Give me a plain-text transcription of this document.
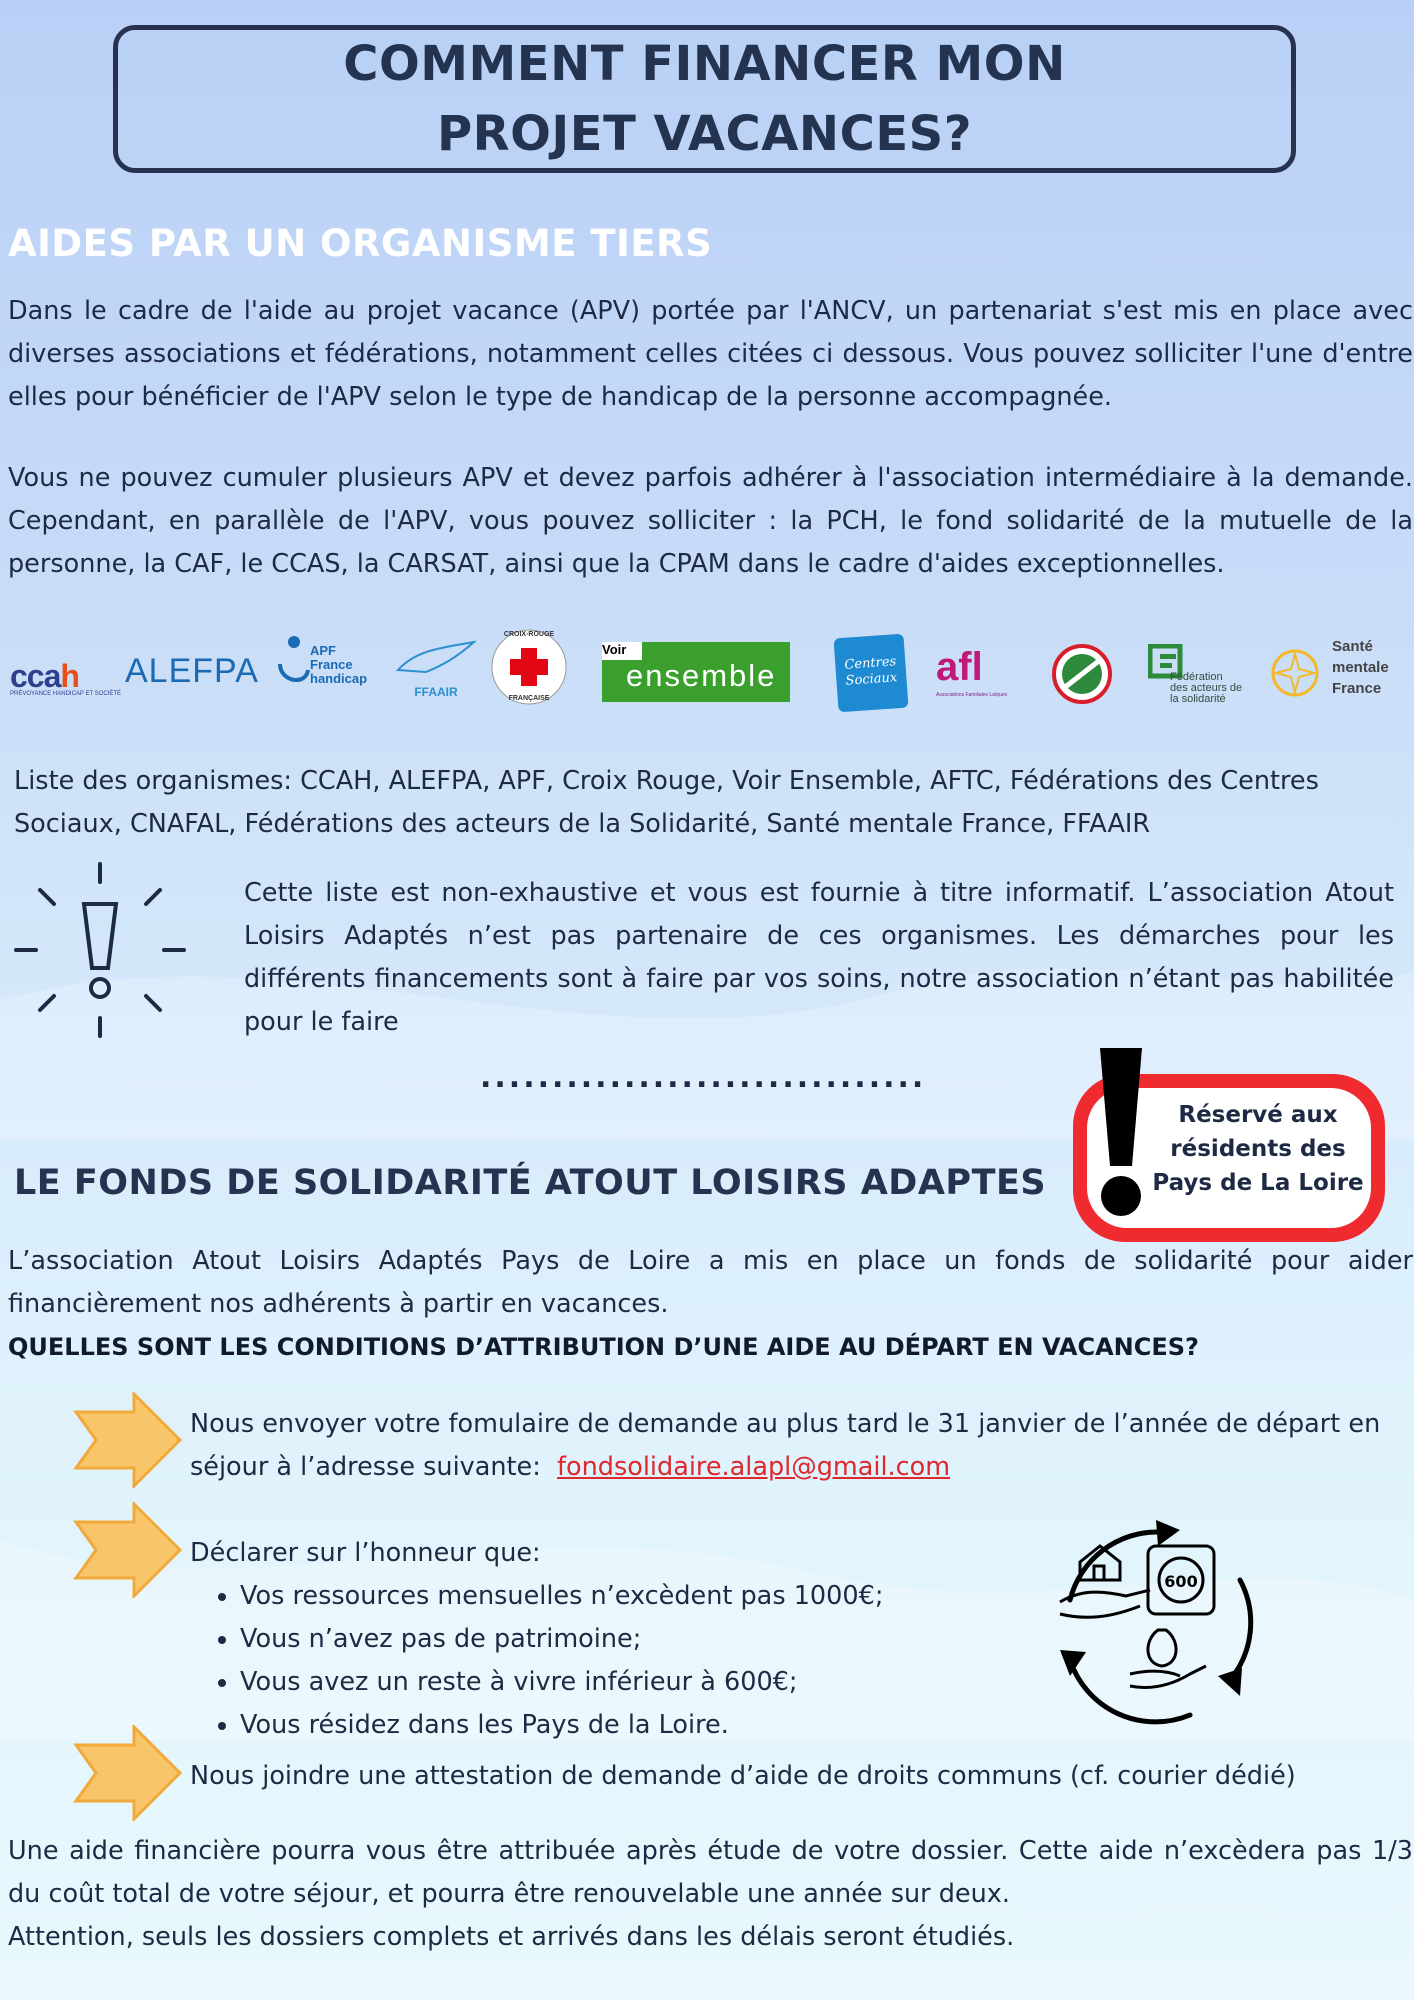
COMMENT FINANCER MON
PROJET VACANCES?
AIDES PAR UN ORGANISME TIERS
Dans le cadre de l'aide au projet vacance (APV) portée par l'ANCV, un partenariat s'est mis en place avec diverses associations et fédérations, notamment celles citées ci dessous. Vous pouvez solliciter l'une d'entre elles pour bénéficier de l'APV selon le type de handicap de la personne accompagnée.
Vous ne pouvez cumuler plusieurs APV et devez parfois adhérer à l'association intermédiaire à la demande. Cependant, en parallèle de l'APV, vous pouvez solliciter : la PCH, le fond solidarité de la mutuelle de la personne, la CAF, le CCAS, la CARSAT, ainsi que la CPAM dans le cadre d'aides exceptionnelles.
ccah
PRÉVOYANCE HANDICAP ET SOCIÉTÉ
ALEFPA
APF
France
handicap
FFAAIR
CROIX-ROUGE
FRANÇAISE
Voir
ensemble	Centres Sociaux afl
Associations Familiales Laïques
Fédération
des acteurs de
la solidarité
Santé
mentale
France
Liste des organismes: CCAH, ALEFPA, APF, Croix Rouge, Voir Ensemble, AFTC, Fédérations des Centres Sociaux, CNAFAL, Fédérations des acteurs de la Solidarité, Santé mentale France, FFAAIR
Cette liste est non-exhaustive et vous est fournie à titre informatif. L’association Atout Loisirs Adaptés n’est pas partenaire de ces organismes. Les démarches pour les différents financements sont à faire par vos soins, notre association n’étant pas habilitée pour le faire
...............................
Réservé aux
résidents des
Pays de La Loire
LE FONDS DE SOLIDARITÉ ATOUT LOISIRS ADAPTES
L’association Atout Loisirs Adaptés Pays de Loire a mis en place un fonds de solidarité pour aider financièrement nos adhérents à partir en vacances.
QUELLES SONT LES CONDITIONS D’ATTRIBUTION D’UNE AIDE AU DÉPART EN VACANCES?
Nous envoyer votre fomulaire de demande au plus tard le 31 janvier de l’année de départ en séjour à l’adresse suivante: fondsolidaire.alapl@gmail.com
Déclarer sur l’honneur que:
• Vos ressources mensuelles n’excèdent pas 1000€;
• Vous n’avez pas de patrimoine;
• Vous avez un reste à vivre inférieur à 600€;
• Vous résidez dans les Pays de la Loire.
600
Nous joindre une attestation de demande d’aide de droits communs (cf. courier dédié)
Une aide financière pourra vous être attribuée après étude de votre dossier. Cette aide n’excèdera pas 1/3 du coût total de votre séjour, et pourra être renouvelable une année sur deux.
Attention, seuls les dossiers complets et arrivés dans les délais seront étudiés.
